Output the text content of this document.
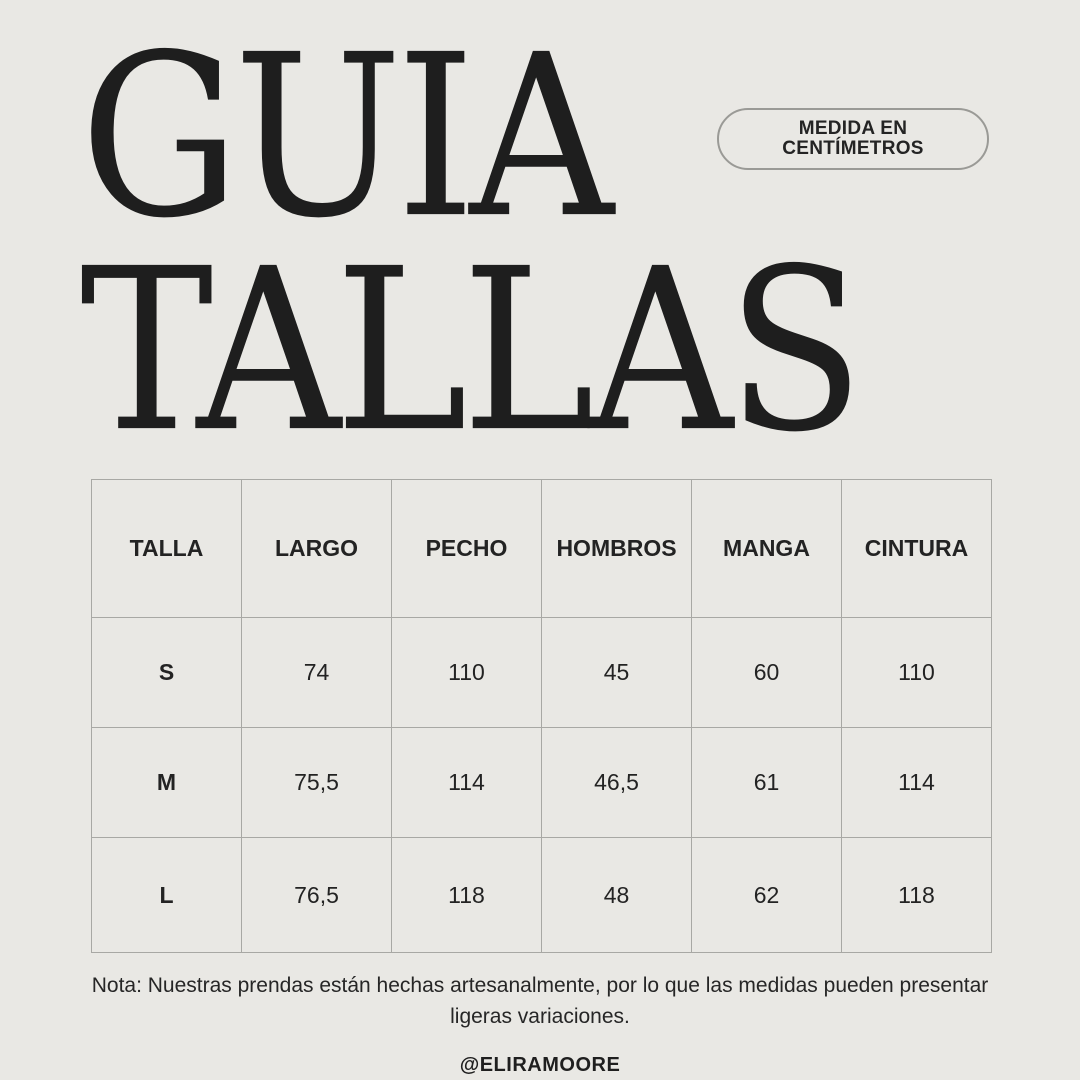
GUIA
TALLAS
MEDIDA EN
CENTÍMETROS
TALLA	LARGO	PECHO	HOMBROS	MANGA	CINTURA
S	74	110	45	60	110
M	75,5	114	46,5	61	114
L	76,5	118	48	62	118

Nota: Nuestras prendas están hechas artesanalmente, por lo que las medidas pueden presentar ligeras variaciones.

@ELIRAMOORE
